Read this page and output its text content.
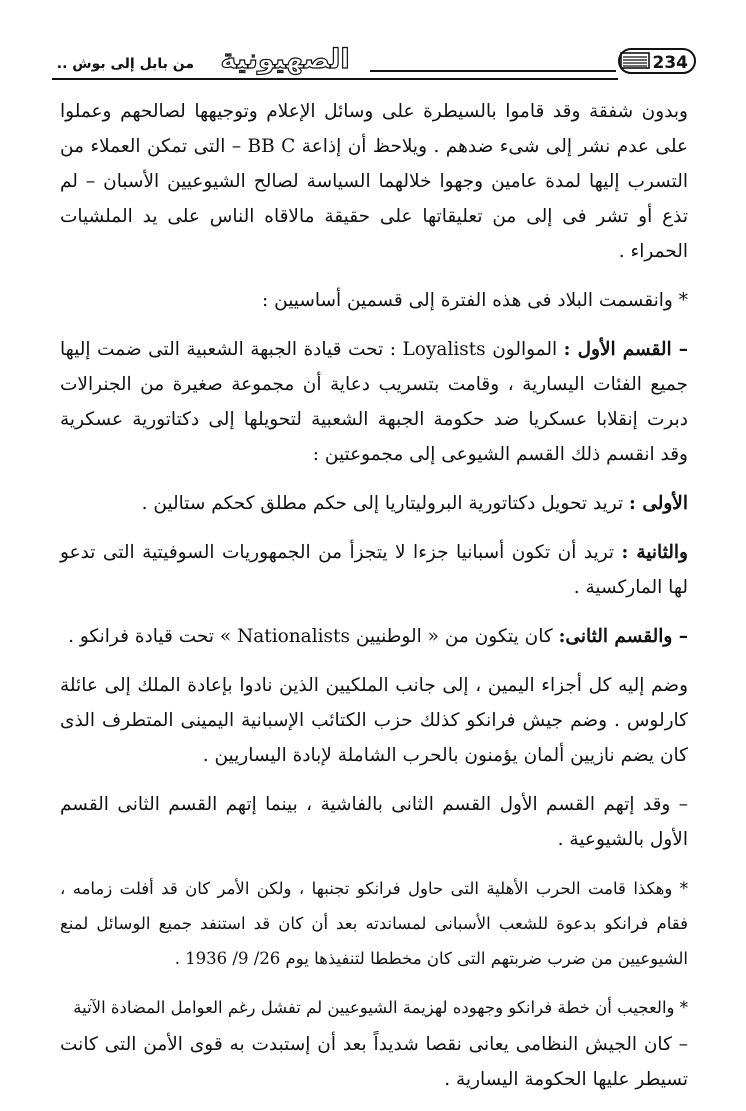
.. من بابل إلى بوش الصهيونية	234

وبدون شفقة وقد قاموا بالسيطرة على وسائل الإعلام وتوجيهها لصالحهم وعملوا على عدم نشر إلى شىء ضدهم . ويلاحظ أن إذاعة BB C – التى تمكن العملاء من التسرب إليها لمدة عامين وجهوا خلالهما السياسة لصالح الشيوعيين الأسبان – لم تذع أو تشر فى إلى من تعليقاتها على حقيقة مالاقاه الناس على يد الملشيات الحمراء .

* وانقسمت البلاد فى هذه الفترة إلى قسمين أساسيين :

– القسم الأول : الموالون Loyalists : تحت قيادة الجبهة الشعبية التى ضمت إليها جميع الفئات اليسارية ، وقامت بتسريب دعاية أن مجموعة صغيرة من الجنرالات دبرت إنقلابا عسكريا ضد حكومة الجبهة الشعبية لتحويلها إلى دكتاتورية عسكرية وقد انقسم ذلك القسم الشيوعى إلى مجموعتين :

الأولى : تريد تحويل دكتاتورية البروليتاريا إلى حكم مطلق كحكم ستالين .

والثانية : تريد أن تكون أسبانيا جزءا لا يتجزأ من الجمهوريات السوفيتية التى تدعو لها الماركسية .

– والقسم الثانى: كان يتكون من « الوطنيين Nationalists » تحت قيادة فرانكو .

وضم إليه كل أجزاء اليمين ، إلى جانب الملكيين الذين نادوا بإعادة الملك إلى عائلة كارلوس . وضم جيش فرانكو كذلك حزب الكتائب الإسبانية اليمينى المتطرف الذى كان يضم نازيين ألمان يؤمنون بالحرب الشاملة لإبادة اليساريين .

– وقد إتهم القسم الأول القسم الثانى بالفاشية ، بينما إتهم القسم الثانى القسم الأول بالشيوعية .

* وهكذا قامت الحرب الأهلية التى حاول فرانكو تجنبها ، ولكن الأمر كان قد أفلت زمامه ، فقام فرانكو بدعوة للشعب الأسبانى لمساندته بعد أن كان قد استنفد جميع الوسائل لمنع الشيوعيين من ضرب ضربتهم التى كان مخططا لتنفيذها يوم 26/ 9/ 1936 .

* والعجيب أن خطة فرانكو وجهوده لهزيمة الشيوعيين لم تفشل رغم العوامل المضادة الآتية

– كان الجيش النظامى يعانى نقصا شديداً بعد أن إستبدت به قوى الأمن التى كانت تسيطر عليها الحكومة اليسارية .
